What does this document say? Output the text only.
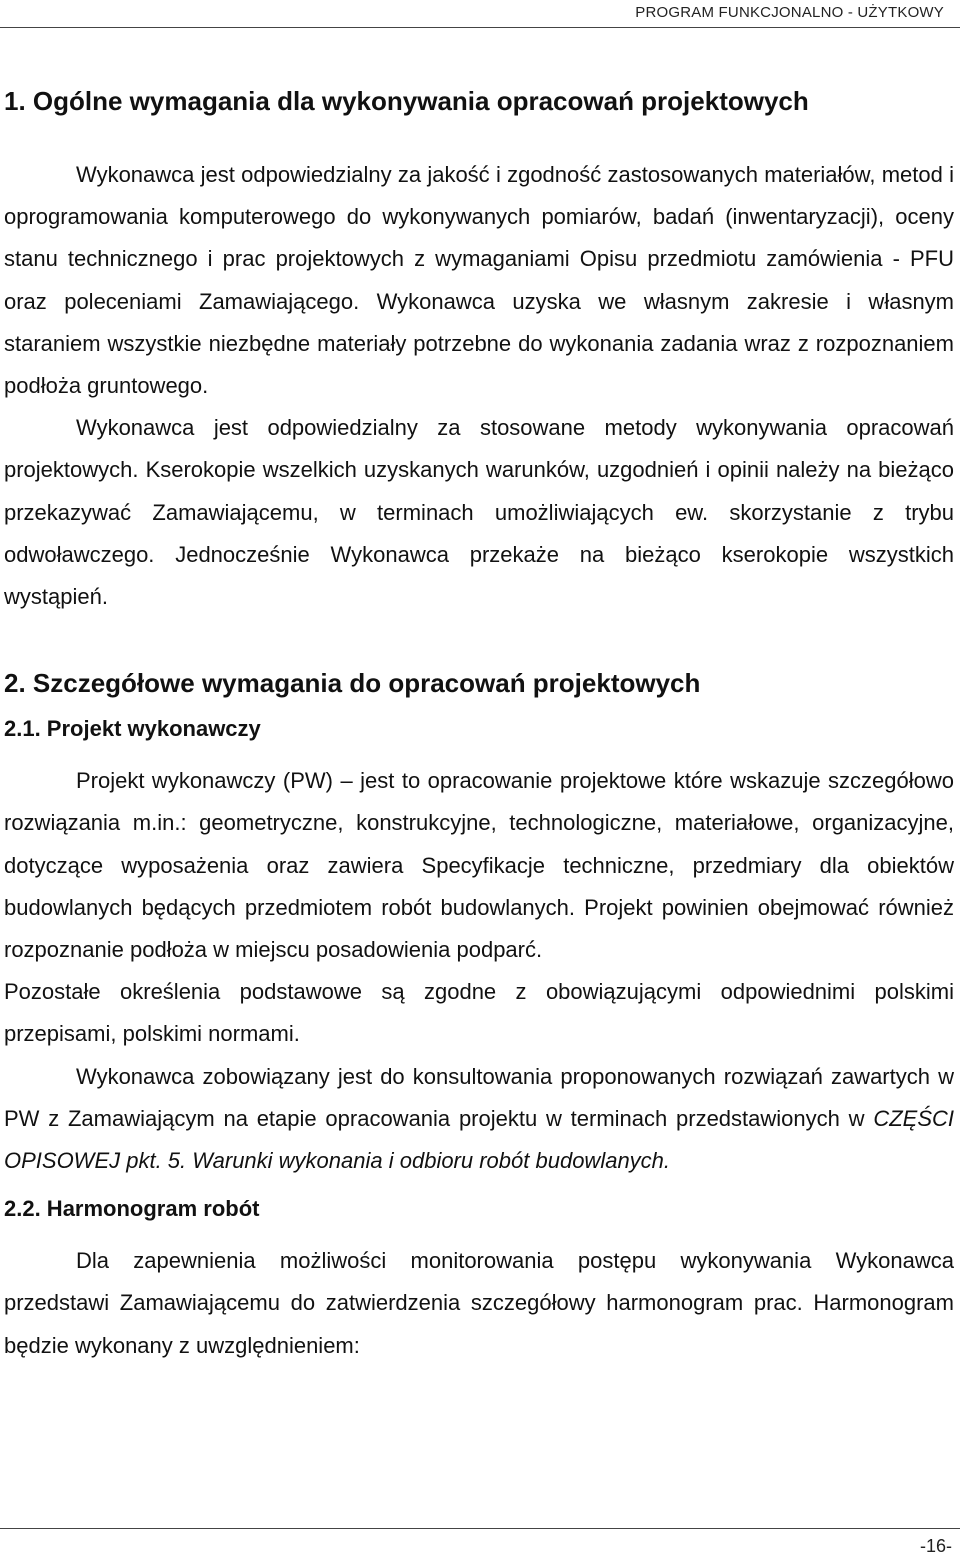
PROGRAM FUNKCJONALNO - UŻYTKOWY
1. Ogólne wymagania dla wykonywania opracowań projektowych

Wykonawca jest odpowiedzialny za jakość i zgodność zastosowanych materiałów, metod i oprogramowania komputerowego do wykonywanych pomiarów, badań (inwentaryzacji), oceny stanu technicznego i prac projektowych z wymaganiami Opisu przedmiotu zamówienia - PFU oraz poleceniami Zamawiającego. Wykonawca uzyska we własnym zakresie i własnym staraniem wszystkie niezbędne materiały potrzebne do wykonania zadania wraz z rozpoznaniem podłoża gruntowego.

Wykonawca jest odpowiedzialny za stosowane metody wykonywania opracowań projektowych. Kserokopie wszelkich uzyskanych warunków, uzgodnień i opinii należy na bieżąco przekazywać Zamawiającemu, w terminach umożliwiających ew. skorzystanie z trybu odwoławczego. Jednocześnie Wykonawca przekaże na bieżąco kserokopie wszystkich wystąpień.

2. Szczegółowe wymagania do opracowań projektowych
2.1. Projekt wykonawczy

Projekt wykonawczy (PW) – jest to opracowanie projektowe które wskazuje szczegółowo rozwiązania m.in.: geometryczne, konstrukcyjne, technologiczne, materiałowe, organizacyjne, dotyczące wyposażenia oraz zawiera Specyfikacje techniczne, przedmiary dla obiektów budowlanych będących przedmiotem robót budowlanych. Projekt powinien obejmować również rozpoznanie podłoża w miejscu posadowienia podparć.

Pozostałe określenia podstawowe są zgodne z obowiązującymi odpowiednimi polskimi przepisami, polskimi normami.

Wykonawca zobowiązany jest do konsultowania proponowanych rozwiązań zawartych w PW z Zamawiającym na etapie opracowania projektu w terminach przedstawionych w CZĘŚCI OPISOWEJ pkt. 5. Warunki wykonania i odbioru robót budowlanych.

2.2. Harmonogram robót

Dla zapewnienia możliwości monitorowania postępu wykonywania Wykonawca przedstawi Zamawiającemu do zatwierdzenia szczegółowy harmonogram prac. Harmonogram będzie wykonany z uwzględnieniem:

-16-
